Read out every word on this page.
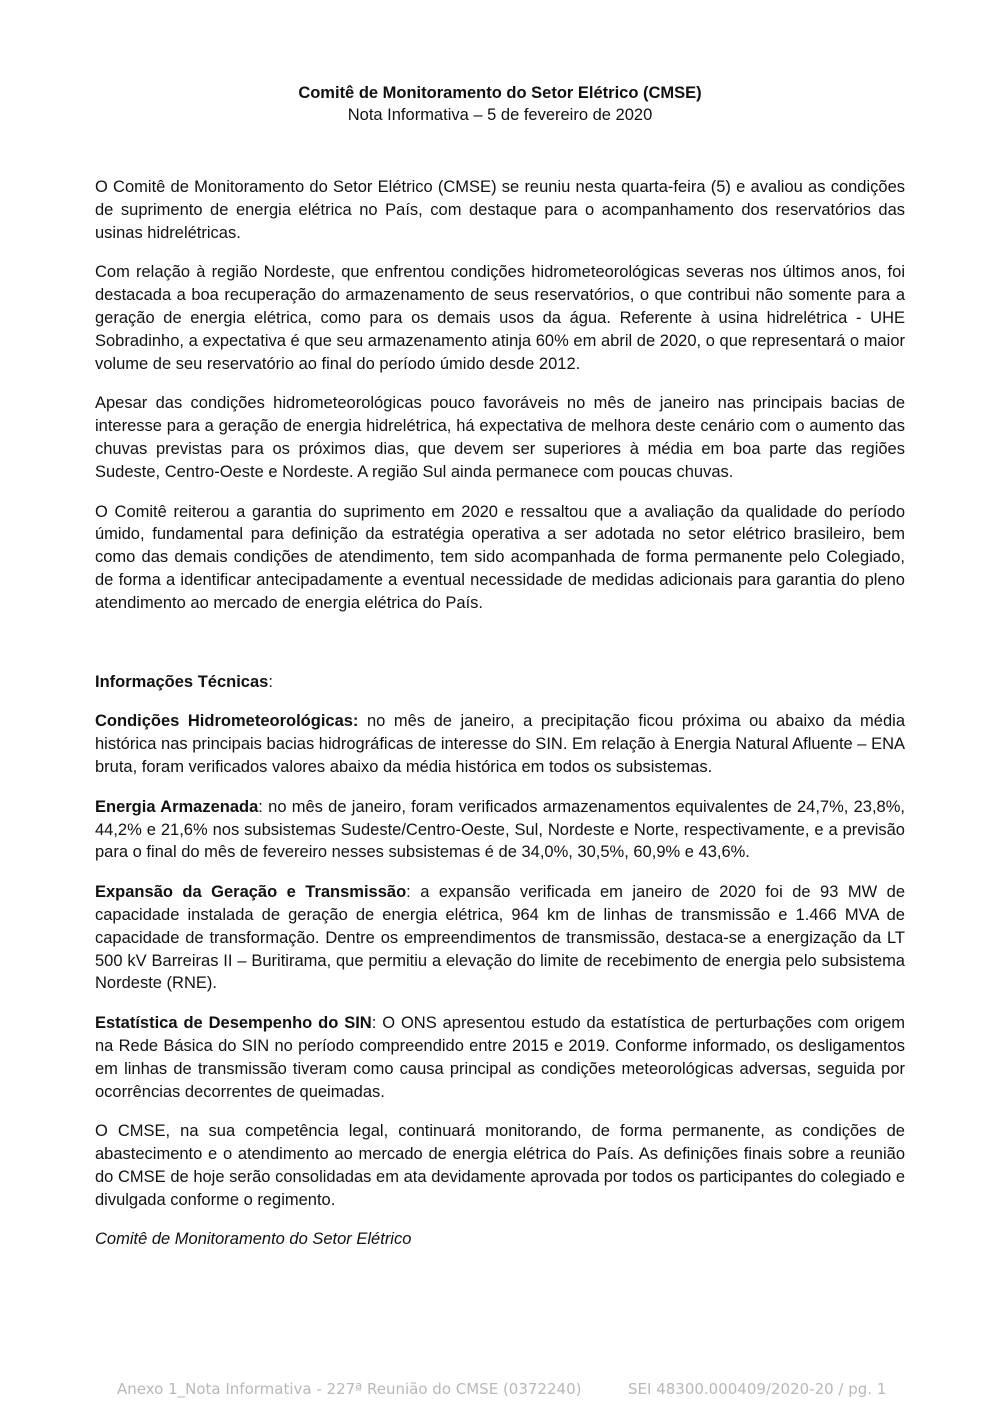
Comitê de Monitoramento do Setor Elétrico (CMSE)
Nota Informativa – 5 de fevereiro de 2020

O Comitê de Monitoramento do Setor Elétrico (CMSE) se reuniu nesta quarta-feira (5) e avaliou as condições de suprimento de energia elétrica no País, com destaque para o acompanhamento dos reservatórios das usinas hidrelétricas.

Com relação à região Nordeste, que enfrentou condições hidrometeorológicas severas nos últimos anos, foi destacada a boa recuperação do armazenamento de seus reservatórios, o que contribui não somente para a geração de energia elétrica, como para os demais usos da água. Referente à usina hidrelétrica - UHE Sobradinho, a expectativa é que seu armazenamento atinja 60% em abril de 2020, o que representará o maior volume de seu reservatório ao final do período úmido desde 2012.

Apesar das condições hidrometeorológicas pouco favoráveis no mês de janeiro nas principais bacias de interesse para a geração de energia hidrelétrica, há expectativa de melhora deste cenário com o aumento das chuvas previstas para os próximos dias, que devem ser superiores à média em boa parte das regiões Sudeste, Centro-Oeste e Nordeste. A região Sul ainda permanece com poucas chuvas.

O Comitê reiterou a garantia do suprimento em 2020 e ressaltou que a avaliação da qualidade do período úmido, fundamental para definição da estratégia operativa a ser adotada no setor elétrico brasileiro, bem como das demais condições de atendimento, tem sido acompanhada de forma permanente pelo Colegiado, de forma a identificar antecipadamente a eventual necessidade de medidas adicionais para garantia do pleno atendimento ao mercado de energia elétrica do País.

Informações Técnicas:

Condições Hidrometeorológicas: no mês de janeiro, a precipitação ficou próxima ou abaixo da média histórica nas principais bacias hidrográficas de interesse do SIN. Em relação à Energia Natural Afluente – ENA bruta, foram verificados valores abaixo da média histórica em todos os subsistemas.

Energia Armazenada: no mês de janeiro, foram verificados armazenamentos equivalentes de 24,7%, 23,8%, 44,2% e 21,6% nos subsistemas Sudeste/Centro-Oeste, Sul, Nordeste e Norte, respectivamente, e a previsão para o final do mês de fevereiro nesses subsistemas é de 34,0%, 30,5%, 60,9% e 43,6%.

Expansão da Geração e Transmissão: a expansão verificada em janeiro de 2020 foi de 93 MW de capacidade instalada de geração de energia elétrica, 964 km de linhas de transmissão e 1.466 MVA de capacidade de transformação. Dentre os empreendimentos de transmissão, destaca-se a energização da LT 500 kV Barreiras II – Buritirama, que permitiu a elevação do limite de recebimento de energia pelo subsistema Nordeste (RNE).

Estatística de Desempenho do SIN: O ONS apresentou estudo da estatística de perturbações com origem na Rede Básica do SIN no período compreendido entre 2015 e 2019. Conforme informado, os desligamentos em linhas de transmissão tiveram como causa principal as condições meteorológicas adversas, seguida por ocorrências decorrentes de queimadas.

O CMSE, na sua competência legal, continuará monitorando, de forma permanente, as condições de abastecimento e o atendimento ao mercado de energia elétrica do País. As definições finais sobre a reunião do CMSE de hoje serão consolidadas em ata devidamente aprovada por todos os participantes do colegiado e divulgada conforme o regimento.

Comitê de Monitoramento do Setor Elétrico
Anexo 1_Nota Informativa - 227ª Reunião do CMSE (0372240)	SEI 48300.000409/2020-20 / pg. 1
